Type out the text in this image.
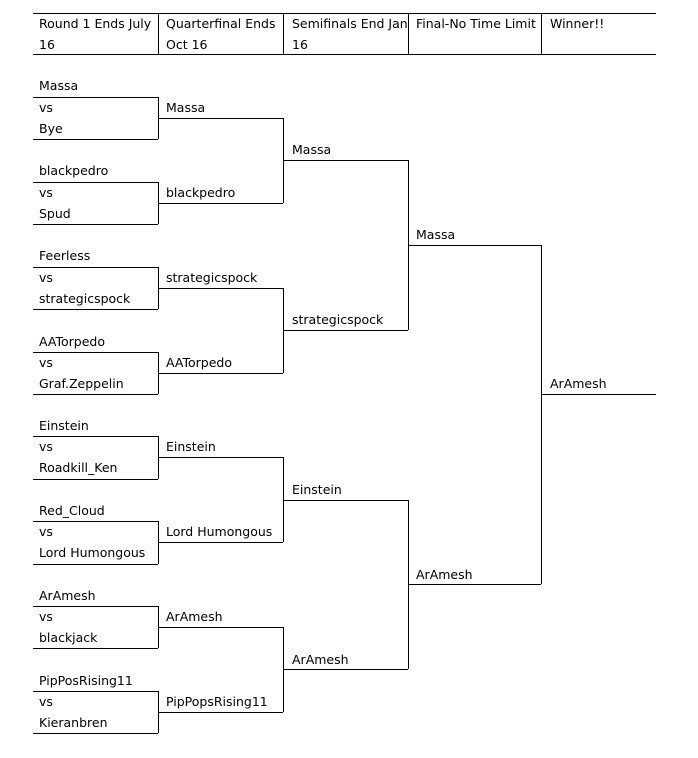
Round 1 Ends July 16
Quarterfinal Ends Oct 16
Semifinals End Jan 16
Final-No Time Limit	Winner!!
Massa
vs
Bye
blackpedro
vs
Spud
Feerless
vs
strategicspock
AATorpedo
vs
Graf.Zeppelin
Einstein
vs
Roadkill_Ken
Red_Cloud
vs
Lord Humongous
ArAmesh
vs
blackjack
PipPosRising11
vs
Kieranbren
Massa
blackpedro
strategicspock
AATorpedo
Einstein
Lord Humongous
ArAmesh
PipPopsRising11
Massa
strategicspock
Einstein
ArAmesh
Massa
ArAmesh
ArAmesh
